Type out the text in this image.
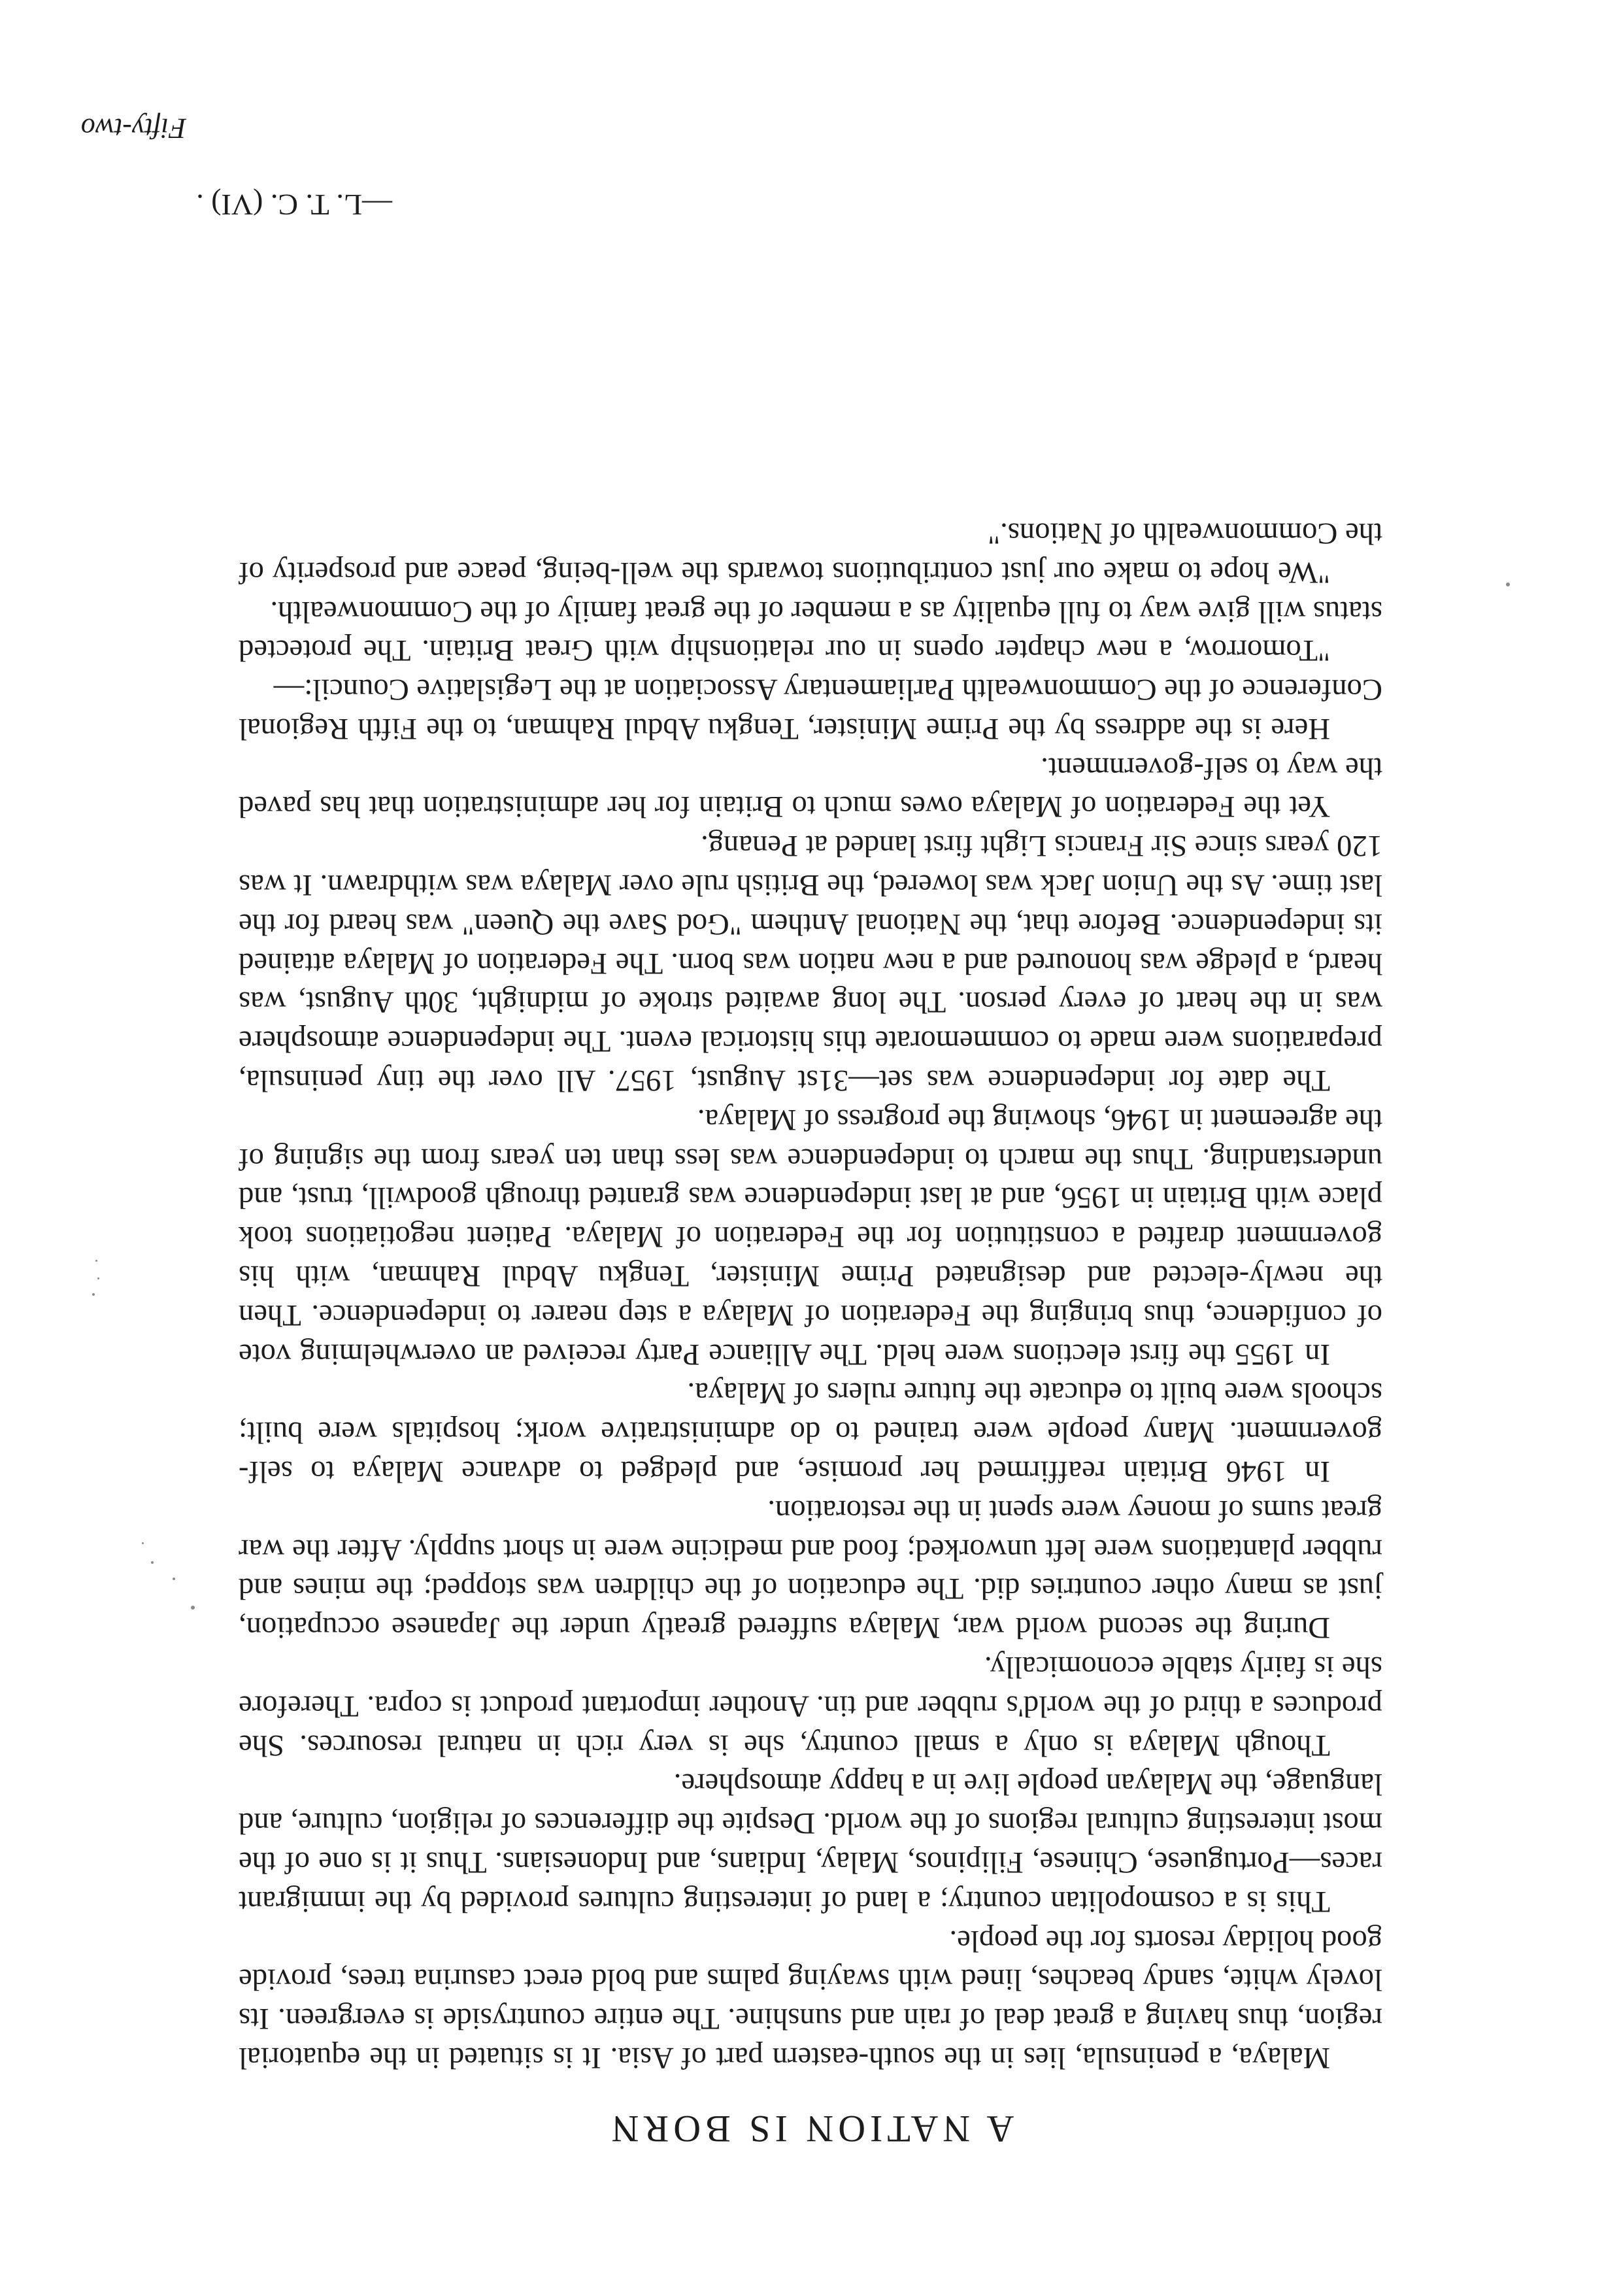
A NATION IS BORN

Malaya, a peninsula, lies in the south-eastern part of Asia. It is situated in the equatorial region, thus having a great deal of rain and sunshine. The entire countryside is evergreen. Its lovely white, sandy beaches, lined with swaying palms and bold erect casurina trees, provide good holiday resorts for the people.

This is a cosmopolitan country; a land of interesting cultures provided by the immigrant races—Portuguese, Chinese, Filipinos, Malay, Indians, and Indonesians. Thus it is one of the most interesting cultural regions of the world. Despite the differences of religion, culture, and language, the Malayan people live in a happy atmosphere.

Though Malaya is only a small country, she is very rich in natural resources. She produces a third of the world's rubber and tin. Another important product is copra. Therefore she is fairly stable economically.

During the second world war, Malaya suffered greatly under the Japanese occupation, just as many other countries did. The education of the children was stopped; the mines and rubber plantations were left unworked; food and medicine were in short supply. After the war great sums of money were spent in the restoration.

In 1946 Britain reaffirmed her promise, and pledged to advance Malaya to self-government. Many people were trained to do administrative work; hospitals were built; schools were built to educate the future rulers of Malaya.

In 1955 the first elections were held. The Alliance Party received an overwhelming vote of confidence, thus bringing the Federation of Malaya a step nearer to independence. Then the newly-elected and designated Prime Minister, Tengku Abdul Rahman, with his government drafted a constitution for the Federation of Malaya. Patient negotiations took place with Britain in 1956, and at last independence was granted through goodwill, trust, and understanding. Thus the march to independence was less than ten years from the signing of the agreement in 1946, showing the progress of Malaya.

The date for independence was set—31st August, 1957. All over the tiny peninsula, preparations were made to commemorate this historical event. The independence atmosphere was in the heart of every person. The long awaited stroke of midnight, 30th August, was heard, a pledge was honoured and a new nation was born. The Federation of Malaya attained its independence. Before that, the National Anthem "God Save the Queen" was heard for the last time. As the Union Jack was lowered, the British rule over Malaya was withdrawn. It was 120 years since Sir Francis Light first landed at Penang.

Yet the Federation of Malaya owes much to Britain for her administration that has paved the way to self-government.

Here is the address by the Prime Minister, Tengku Abdul Rahman, to the Fifth Regional Conference of the Commonwealth Parliamentary Association at the Legislative Council:—

"Tomorrow, a new chapter opens in our relationship with Great Britain. The protected status will give way to full equality as a member of the great family of the Commonwealth.

"We hope to make our just contributions towards the well-being, peace and prosperity of the Commonwealth of Nations."

—L. T. C. (VI) .

Fifty-two
